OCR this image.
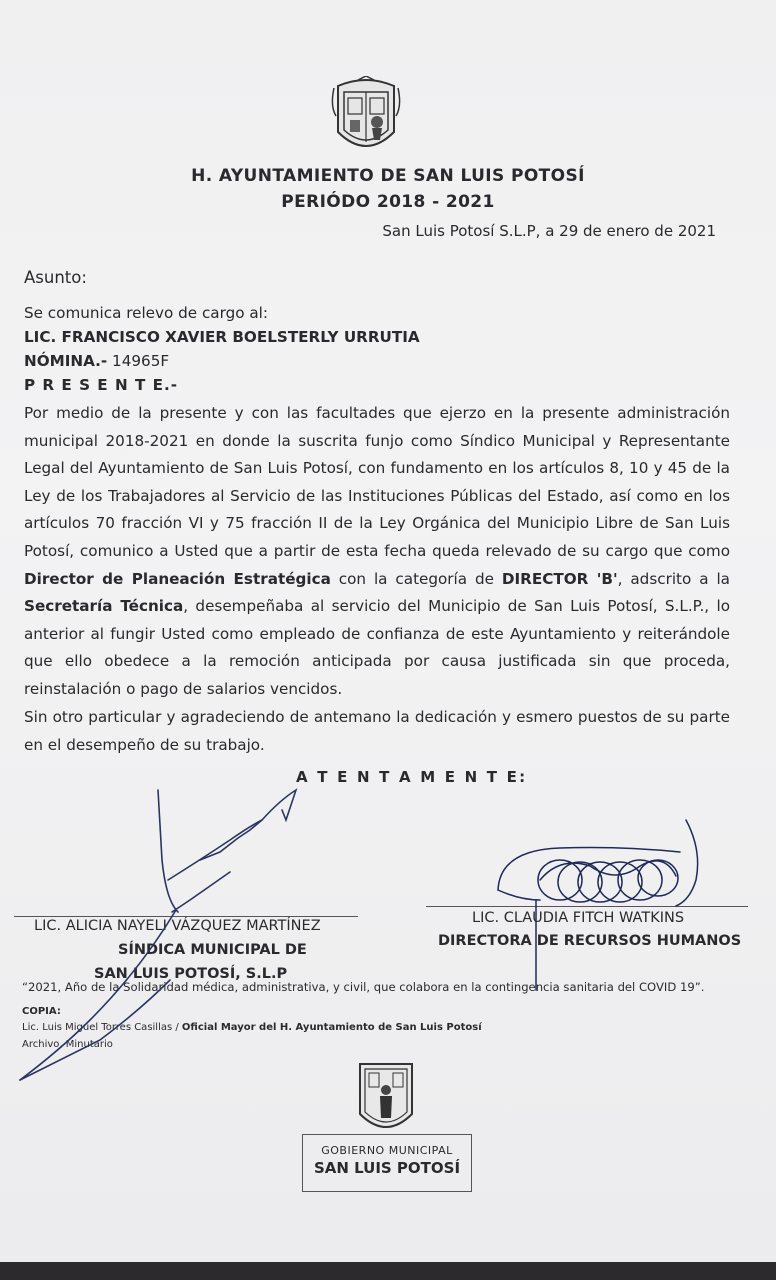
H. AYUNTAMIENTO DE SAN LUIS POTOSÍ
PERIÓDO 2018 - 2021
San Luis Potosí S.L.P, a 29 de enero de 2021
Asunto:
Se comunica relevo de cargo al:
LIC. FRANCISCO XAVIER BOELSTERLY URRUTIA
NÓMINA.- 14965F
P R E S E N T E.-

Por medio de la presente y con las facultades que ejerzo en la presente administración municipal 2018-2021 en donde la suscrita funjo como Síndico Municipal y Representante Legal del Ayuntamiento de San Luis Potosí, con fundamento en los artículos 8, 10 y 45 de la Ley de los Trabajadores al Servicio de las Instituciones Públicas del Estado, así como en los artículos 70 fracción VI y 75 fracción II de la Ley Orgánica del Municipio Libre de San Luis Potosí, comunico a Usted que a partir de esta fecha queda relevado de su cargo que como Director de Planeación Estratégica con la categoría de DIRECTOR 'B', adscrito a la Secretaría Técnica, desempeñaba al servicio del Municipio de San Luis Potosí, S.L.P., lo anterior al fungir Usted como empleado de confianza de este Ayuntamiento y reiterándole que ello obedece a la remoción anticipada por causa justificada sin que proceda, reinstalación o pago de salarios vencidos.

Sin otro particular y agradeciendo de antemano la dedicación y esmero puestos de su parte en el desempeño de su trabajo.
A T E N T A M E N T E:
LIC. ALICIA NAYELI VÁZQUEZ MARTÍNEZ
SÍNDICA MUNICIPAL DE
SAN LUIS POTOSÍ, S.L.P
LIC. CLAUDIA FITCH WATKINS
DIRECTORA DE RECURSOS HUMANOS
“2021, Año de la Solidaridad médica, administrativa, y civil, que colabora en la contingencia sanitaria del COVID 19”.
COPIA:
Lic. Luis Miguel Torres Casillas / Oficial Mayor del H. Ayuntamiento de San Luis Potosí
Archivo, Minutario
GOBIERNO MUNICIPAL
SAN LUIS POTOSÍ
